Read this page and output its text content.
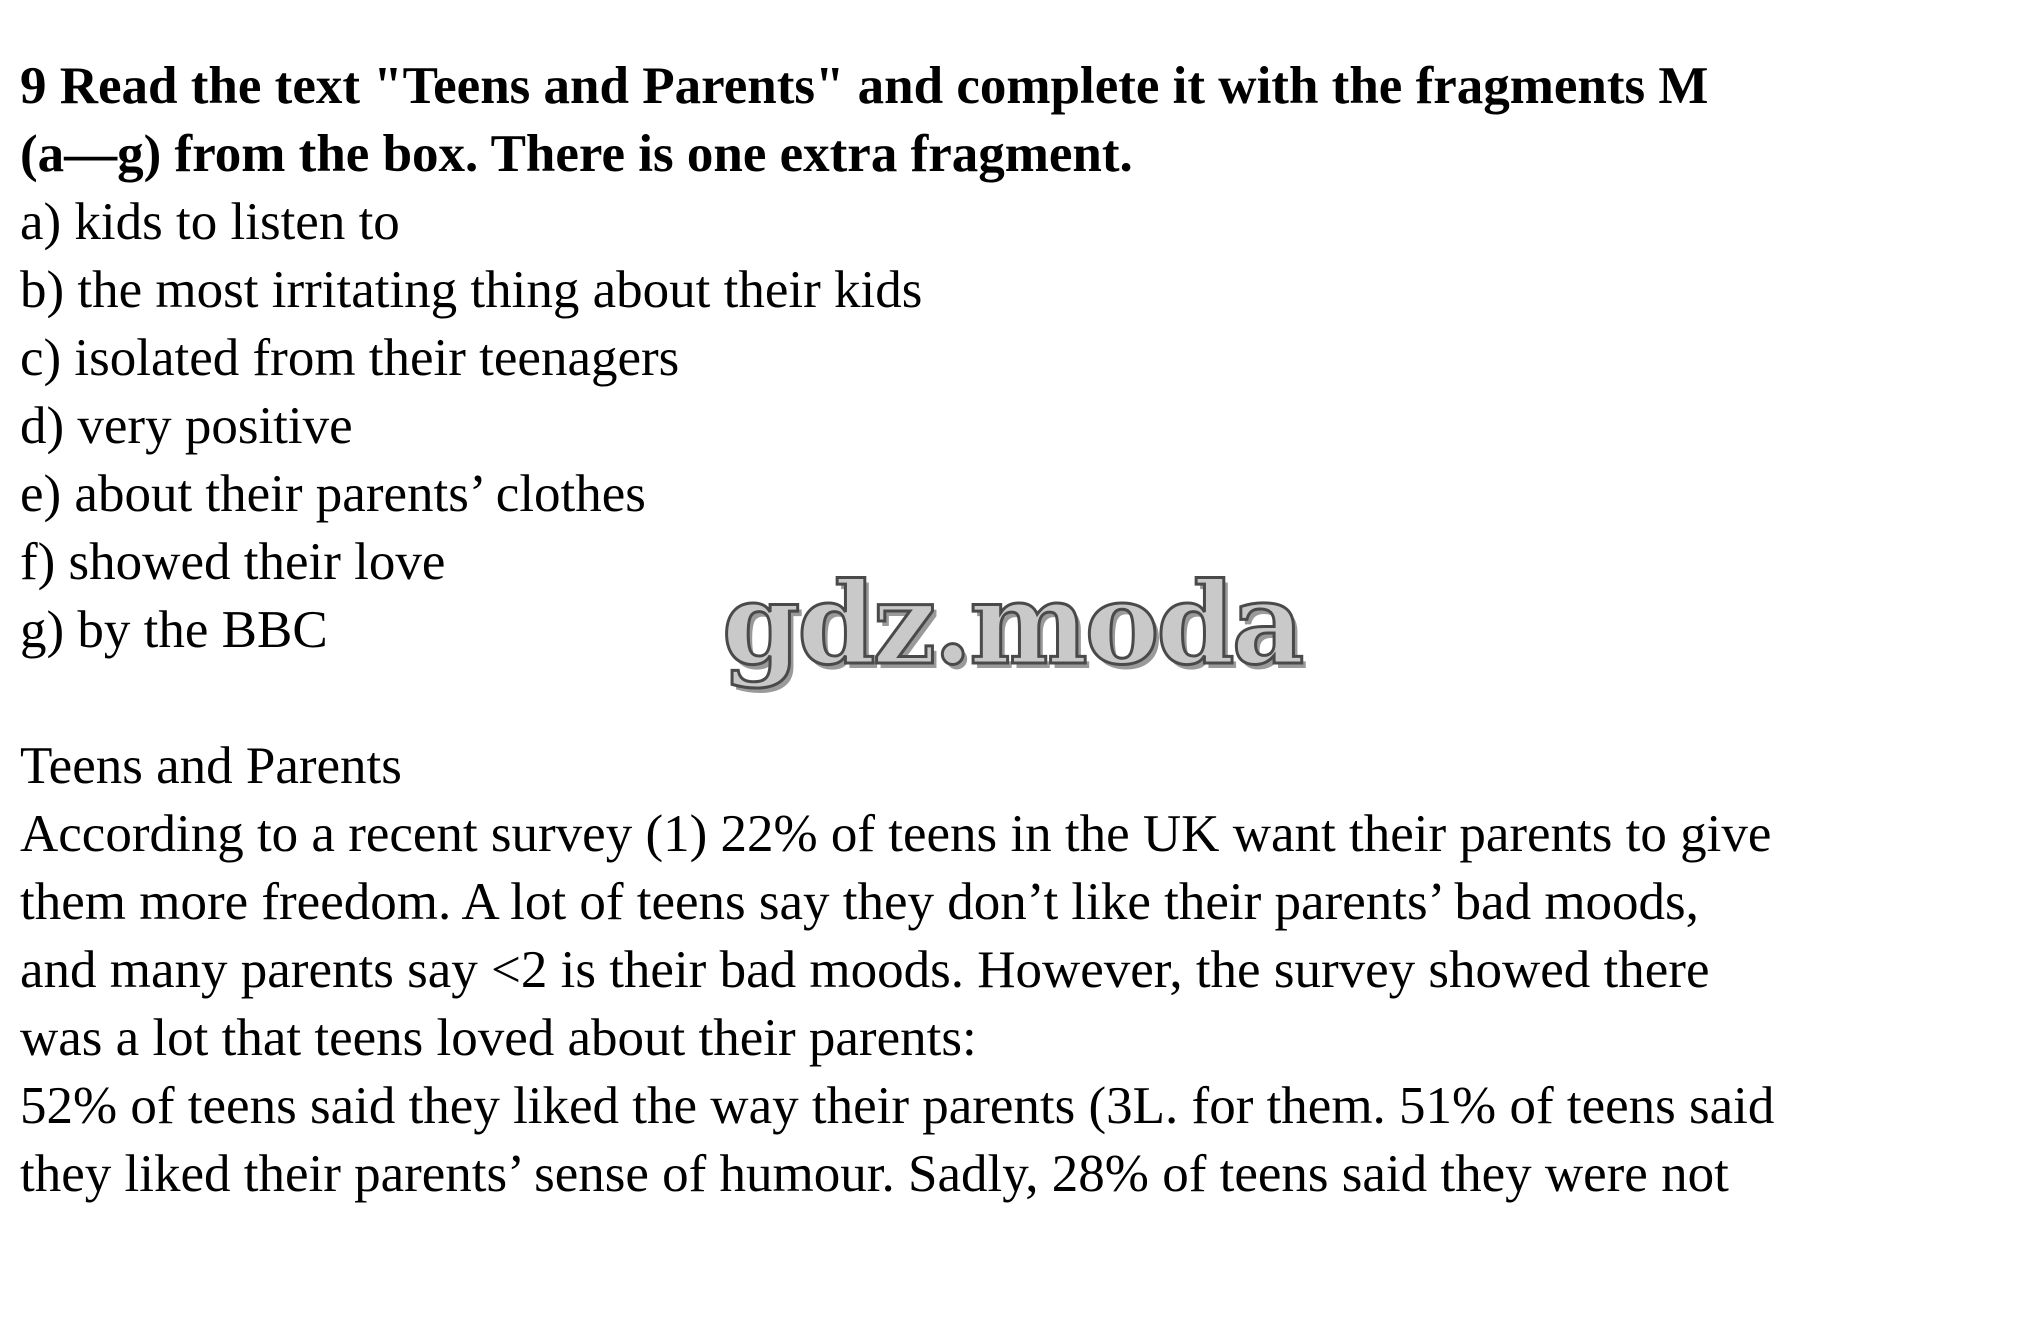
9 Read the text "Teens and Parents" and complete it with the fragments M
(a—g) from the box. There is one extra fragment.
a) kids to listen to
b) the most irritating thing about their kids
c) isolated from their teenagers
d) very positive
e) about their parents’ clothes
f) showed their love
g) by the BBC
Teens and Parents
According to a recent survey (1) 22% of teens in the UK want their parents to give
them more freedom. A lot of teens say they don’t like their parents’ bad moods,
and many parents say <2 is their bad moods. However, the survey showed there
was a lot that teens loved about their parents:
52% of teens said they liked the way their parents (3L. for them. 51% of teens said
they liked their parents’ sense of humour. Sadly, 28% of teens said they were not
gdz.moda
